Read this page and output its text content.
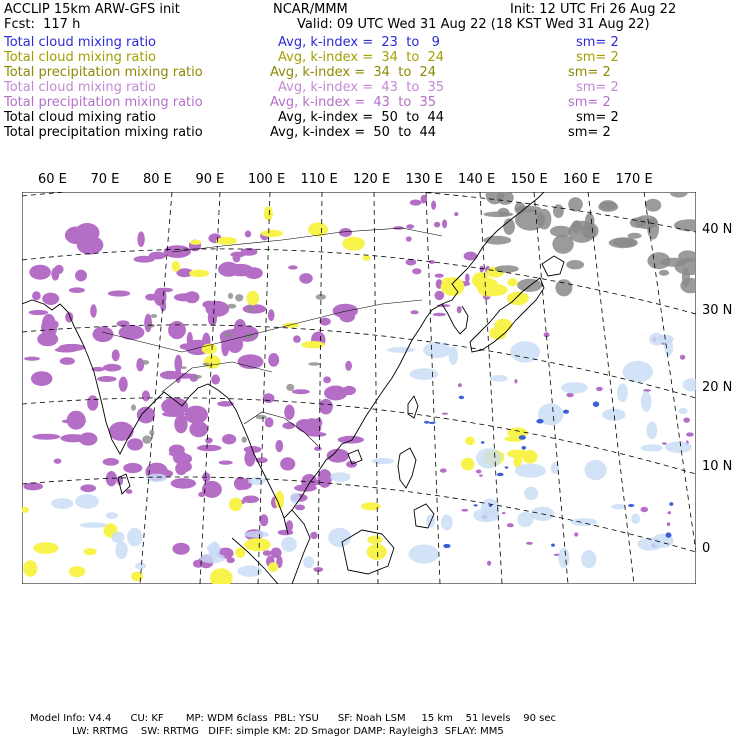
ACCLIP 15km ARW-GFS init	NCAR/MMM	Init: 12 UTC Fri 26 Aug 22
Fcst:  117 h	Valid: 09 UTC Wed 31 Aug 22 (18 KST Wed 31 Aug 22)
Total cloud mixing ratio	Avg, k-index =  23  to   9	sm= 2
Total cloud mixing ratio	Avg, k-index =  34  to  24	sm= 2
Total precipitation mixing ratio	Avg, k-index =  34  to  24	sm= 2
Total cloud mixing ratio	Avg, k-index =  43  to  35	sm= 2
Total precipitation mixing ratio	Avg, k-index =  43  to  35	sm= 2
Total cloud mixing ratio	Avg, k-index =  50  to  44	sm= 2
Total precipitation mixing ratio	Avg, k-index =  50  to  44	sm= 2
60 E 70 E 80 E 90 E 100 E 110 E 120 E 130 E 140 E 150 E 160 E 170 E
40 N
30 N
20 N
10 N
0
Model Info: V4.4      CU: KF       MP: WDM 6class  PBL: YSU      SF: Noah LSM     15 km    51 levels    90 sec
LW: RRTMG    SW: RRTMG   DIFF: simple KM: 2D Smagor DAMP: Rayleigh3  SFLAY: MM5
